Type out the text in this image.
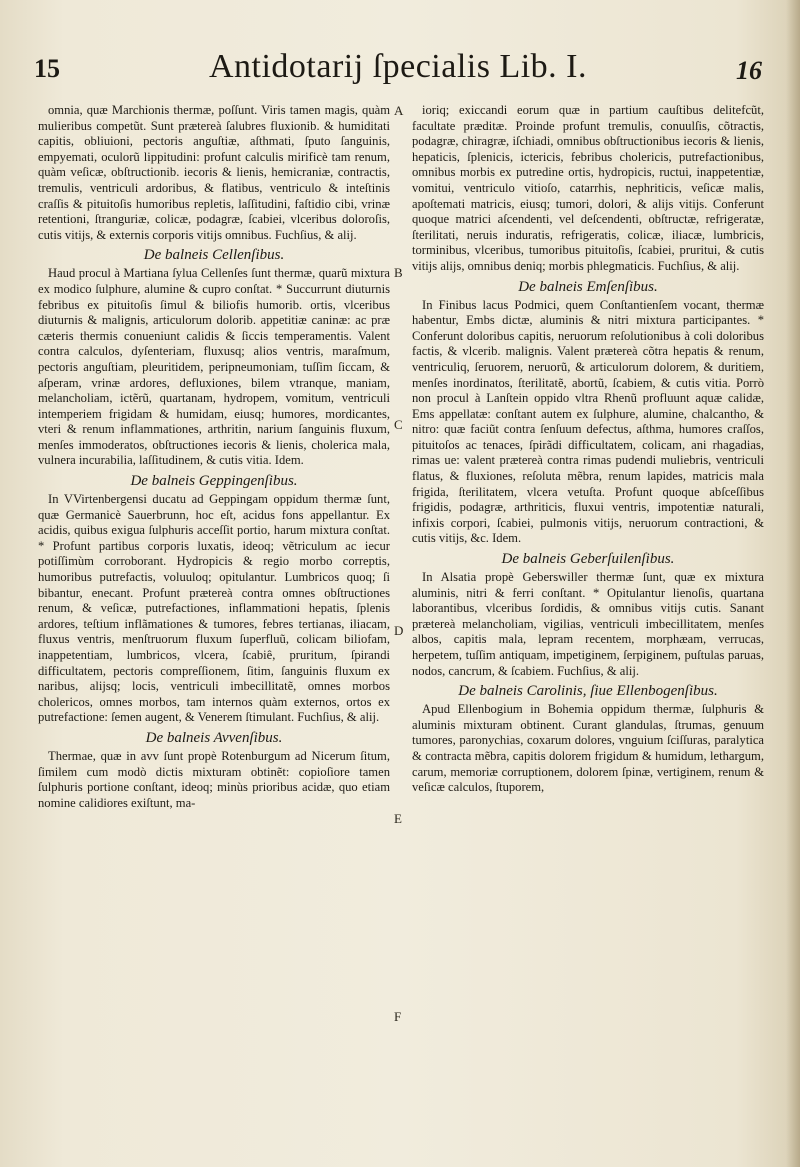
15	Antidotarij ſpecialis Lib. I.	16
A
B
C
D
E
F

omnia, quæ Marchionis thermæ, poſſunt. Viris tamen magis, quàm mulieribus competũt. Sunt prætereà ſalubres fluxionib. & humiditati capitis, obliuioni, pectoris anguſtiæ, aſthmati, ſputo ſanguinis, empyemati, oculorũ lippitudini: profunt calculis mirificè tam renum, quàm veſicæ, obſtructionib. iecoris & lienis, hemicraniæ, contractis, tremulis, ventriculi ardoribus, & flatibus, ventriculo & inteſtinis craſſis & pituitoſis humoribus repletis, laſſitudini, faſtidio cibi, vrinæ retentioni, ſtranguriæ, colicæ, podagræ, ſcabiei, vlceribus doloroſis, cutis vitijs, & externis corporis vitijs omnibus. Fuchſius, & alij.

De balneis Cellenſibus.

Haud procul à Martiana ſylua Cellenſes ſunt thermæ, quarũ mixtura ex modico ſulphure, alumine & cupro conſtat. * Succurrunt diuturnis febribus ex pituitoſis ſimul & biliofis humorib. ortis, vlceribus diuturnis & malignis, articulorum dolorib. appetitiæ caninæ: ac præ cæteris thermis conueniunt calidis & ſiccis temperamentis. Valent contra calculos, dyſenteriam, fluxusq; alios ventris, maraſmum, pectoris anguſtiam, pleuritidem, peripneumoniam, tuſſim ſiccam, & aſperam, vrinæ ardores, defluxiones, bilem vtranque, maniam, melancholiam, ictẽrũ, quartanam, hydropem, vomitum, ventriculi intemperiem frigidam & humidam, eiusq; humores, mordicantes, vteri & renum inflammationes, arthritin, narium ſanguinis fluxum, menſes immoderatos, obſtructiones iecoris & lienis, cholerica mala, vulnera incurabilia, laſſitudinem, & cutis vitia. Idem.

De balneis Geppingenſibus.

In VVirtenbergensi ducatu ad Geppingam oppidum thermæ ſunt, quæ Germanicè Sauerbrunn, hoc eſt, acidus fons appellantur. Ex acidis, quibus exigua ſulphuris acceſſit portio, harum mixtura conſtat. * Profunt partibus corporis luxatis, ideoq; vẽtriculum ac iecur potiſſimùm corroborant. Hydropicis & regio morbo correptis, humoribus putrefactis, voluuloq; opitulantur. Lumbricos quoq; ſi bibantur, enecant. Profunt prætereà contra omnes obſtructiones renum, & veſicæ, putrefactiones, inflammationi hepatis, ſplenis ardores, teſtium inflãmationes & tumores, febres tertianas, iliacam, fluxus ventris, menſtruorum fluxum ſuperfluũ, colicam biliofam, inappetentiam, lumbricos, vlcera, ſcabiê, pruritum, ſpirandi difficultatem, pectoris compreſſionem, ſitim, ſanguinis fluxum ex naribus, alijsq; locis, ventriculi imbecillitatẽ, omnes morbos cholericos, omnes morbos, tam internos quàm externos, ortos ex putrefactione: ſemen augent, & Venerem ſtimulant. Fuchſius, & alij.

De balneis Avvenſibus.

Thermae, quæ in avv ſunt propè Rotenburgum ad Nicerum ſitum, ſimilem cum modò dictis mixturam obtinẽt: copioſiore tamen ſulphuris portione conſtant, ideoq; minùs prioribus acidæ, quo etiam nomine calidiores exiſtunt, ma-

ioriq; exiccandi eorum quæ in partium cauſtibus delitefcũt, facultate præditæ. Proinde profunt tremulis, conuulſis, cõtractis, podagræ, chiragræ, iſchiadi, omnibus obſtructionibus iecoris & lienis, hepaticis, ſplenicis, ictericis, febribus cholericis, putrefactionibus, omnibus morbis ex putredine ortis, hydropicis, ructui, inappetentiæ, vomitui, ventriculo vitioſo, catarrhis, nephriticis, veſicæ malis, apoſtemati matricis, eiusq; tumori, dolori, & alijs vitijs. Conferunt quoque matrici aſcendenti, vel deſcendenti, obſtructæ, refrigeratæ, ſterilitati, neruis induratis, refrigeratis, colicæ, iliacæ, lumbricis, torminibus, vlceribus, tumoribus pituitoſis, ſcabiei, pruritui, & cutis vitijs alijs, omnibus deniq; morbis phlegmaticis. Fuchſius, & alij.

De balneis Emſenſibus.

In Finibus lacus Podmici, quem Conſtantienſem vocant, thermæ habentur, Embs dictæ, aluminis & nitri mixtura participantes. * Conferunt doloribus capitis, neruorum reſolutionibus à coli doloribus factis, & vlcerib. malignis. Valent prætereà cõtra hepatis & renum, ventriculiq, ſeruorem, neruorũ, & articulorum dolorem, & duritiem, menſes inordinatos, ſterilitatẽ, abortũ, ſcabiem, & cutis vitia. Porrò non procul à Lanſtein oppido vltra Rhenũ profluunt aquæ calidæ, Ems appellatæ: conſtant autem ex ſulphure, alumine, chalcantho, & nitro: quæ faciũt contra ſenſuum defectus, aſthma, humores craſſos, pituitoſos ac tenaces, ſpirãdi difficultatem, colicam, ani rhagadias, rimas ue: valent prætereà contra rimas pudendi muliebris, ventriculi flatus, & fluxiones, reſoluta mẽbra, renum lapides, matricis mala frigida, ſterilitatem, vlcera vetuſta. Profunt quoque abſceſſibus frigidis, podagræ, arthriticis, fluxui ventris, impotentiæ naturali, infixis corpori, ſcabiei, pulmonis vitijs, neruorum contractioni, & cutis vitijs, &c. Idem.

De balneis Geberſuilenſibus.

In Alsatia propè Geberswiller thermæ ſunt, quæ ex mixtura aluminis, nitri & ferri conſtant. * Opitulantur lienoſis, quartana laborantibus, vlceribus ſordidis, & omnibus vitijs cutis. Sanant prætereà melancholiam, vigilias, ventriculi imbecillitatem, menſes albos, capitis mala, lepram recentem, morphæam, verrucas, herpetem, tuſſim antiquam, impetiginem, ſerpiginem, puſtulas paruas, nodos, cancrum, & ſcabiem. Fuchſius, & alij.

De balneis Carolinis, ſiue Ellenbogenſibus.

Apud Ellenbogium in Bohemia oppidum thermæ, ſulphuris & aluminis mixturam obtinent. Curant glandulas, ſtrumas, genuum tumores, paronychias, coxarum dolores, vnguium ſciſſuras, paralytica & contracta mẽbra, capitis dolorem frigidum & humidum, lethargum, carum, memoriæ corruptionem, dolorem ſpinæ, vertiginem, renum & veſicæ calculos, ſtuporem,
